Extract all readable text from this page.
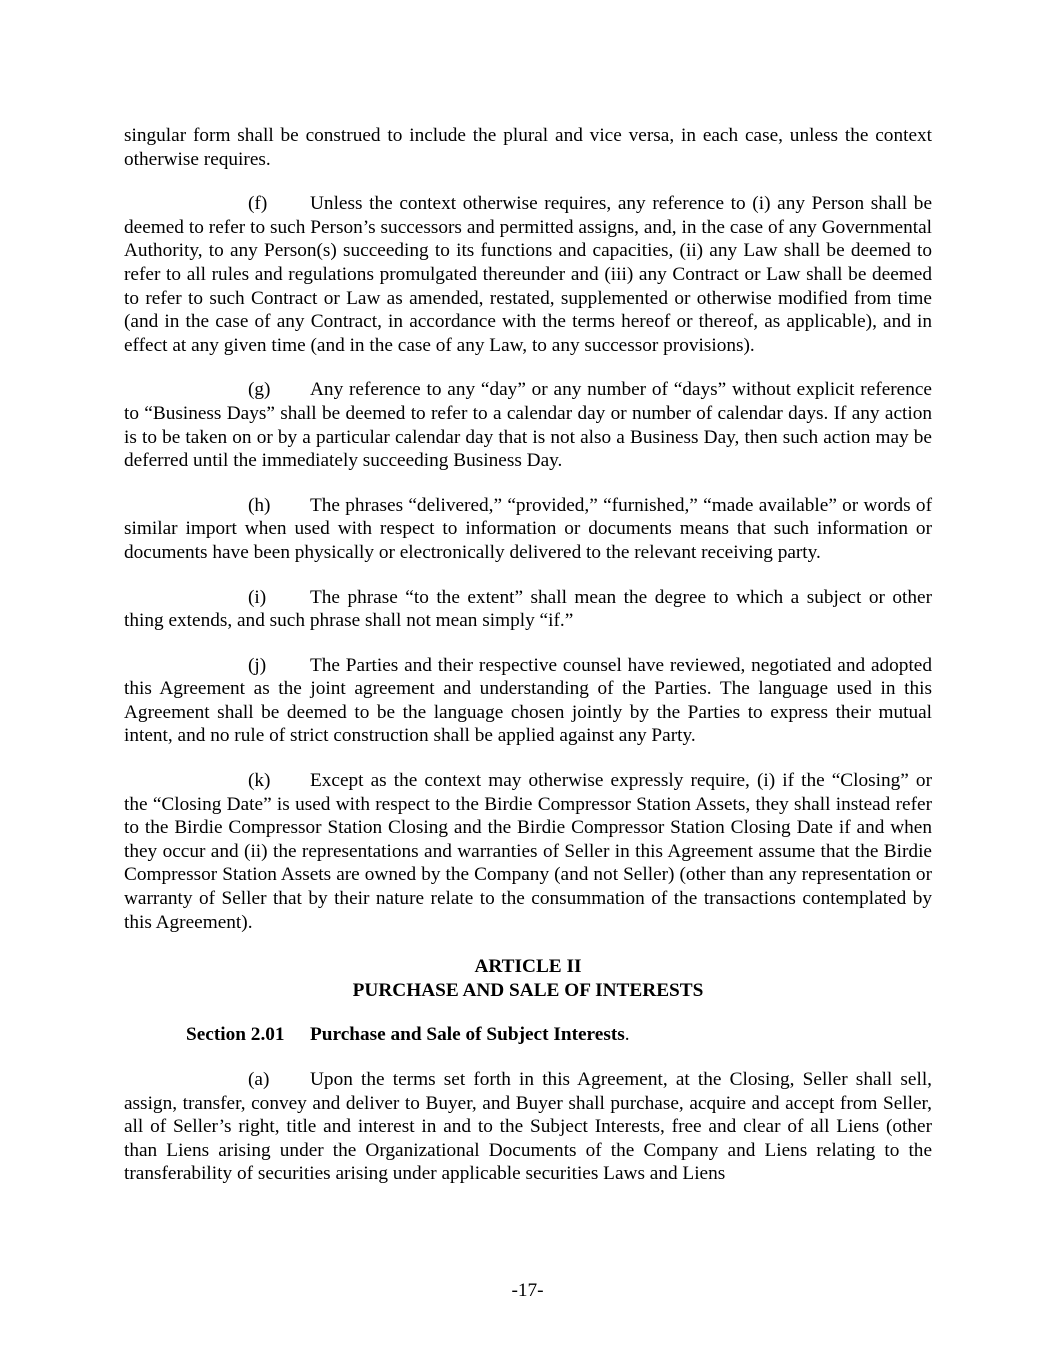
singular form shall be construed to include the plural and vice versa, in each case, unless the context otherwise requires.

(f) Unless the context otherwise requires, any reference to (i) any Person shall be deemed to refer to such Person’s successors and permitted assigns, and, in the case of any Governmental Authority, to any Person(s) succeeding to its functions and capacities, (ii) any Law shall be deemed to refer to all rules and regulations promulgated thereunder and (iii) any Contract or Law shall be deemed to refer to such Contract or Law as amended, restated, supplemented or otherwise modified from time (and in the case of any Contract, in accordance with the terms hereof or thereof, as applicable), and in effect at any given time (and in the case of any Law, to any successor provisions).

(g) Any reference to any “day” or any number of “days” without explicit reference to “Business Days” shall be deemed to refer to a calendar day or number of calendar days. If any action is to be taken on or by a particular calendar day that is not also a Business Day, then such action may be deferred until the immediately succeeding Business Day.

(h) The phrases “delivered,” “provided,” “furnished,” “made available” or words of similar import when used with respect to information or documents means that such information or documents have been physically or electronically delivered to the relevant receiving party.

(i) The phrase “to the extent” shall mean the degree to which a subject or other thing extends, and such phrase shall not mean simply “if.”

(j) The Parties and their respective counsel have reviewed, negotiated and adopted this Agreement as the joint agreement and understanding of the Parties. The language used in this Agreement shall be deemed to be the language chosen jointly by the Parties to express their mutual intent, and no rule of strict construction shall be applied against any Party.

(k) Except as the context may otherwise expressly require, (i) if the “Closing” or the “Closing Date” is used with respect to the Birdie Compressor Station Assets, they shall instead refer to the Birdie Compressor Station Closing and the Birdie Compressor Station Closing Date if and when they occur and (ii) the representations and warranties of Seller in this Agreement assume that the Birdie Compressor Station Assets are owned by the Company (and not Seller) (other than any representation or warranty of Seller that by their nature relate to the consummation of the transactions contemplated by this Agreement).

ARTICLE II
PURCHASE AND SALE OF INTERESTS

Section 2.01 Purchase and Sale of Subject Interests.

(a) Upon the terms set forth in this Agreement, at the Closing, Seller shall sell, assign, transfer, convey and deliver to Buyer, and Buyer shall purchase, acquire and accept from Seller, all of Seller’s right, title and interest in and to the Subject Interests, free and clear of all Liens (other than Liens arising under the Organizational Documents of the Company and Liens relating to the transferability of securities arising under applicable securities Laws and Liens

-17-
